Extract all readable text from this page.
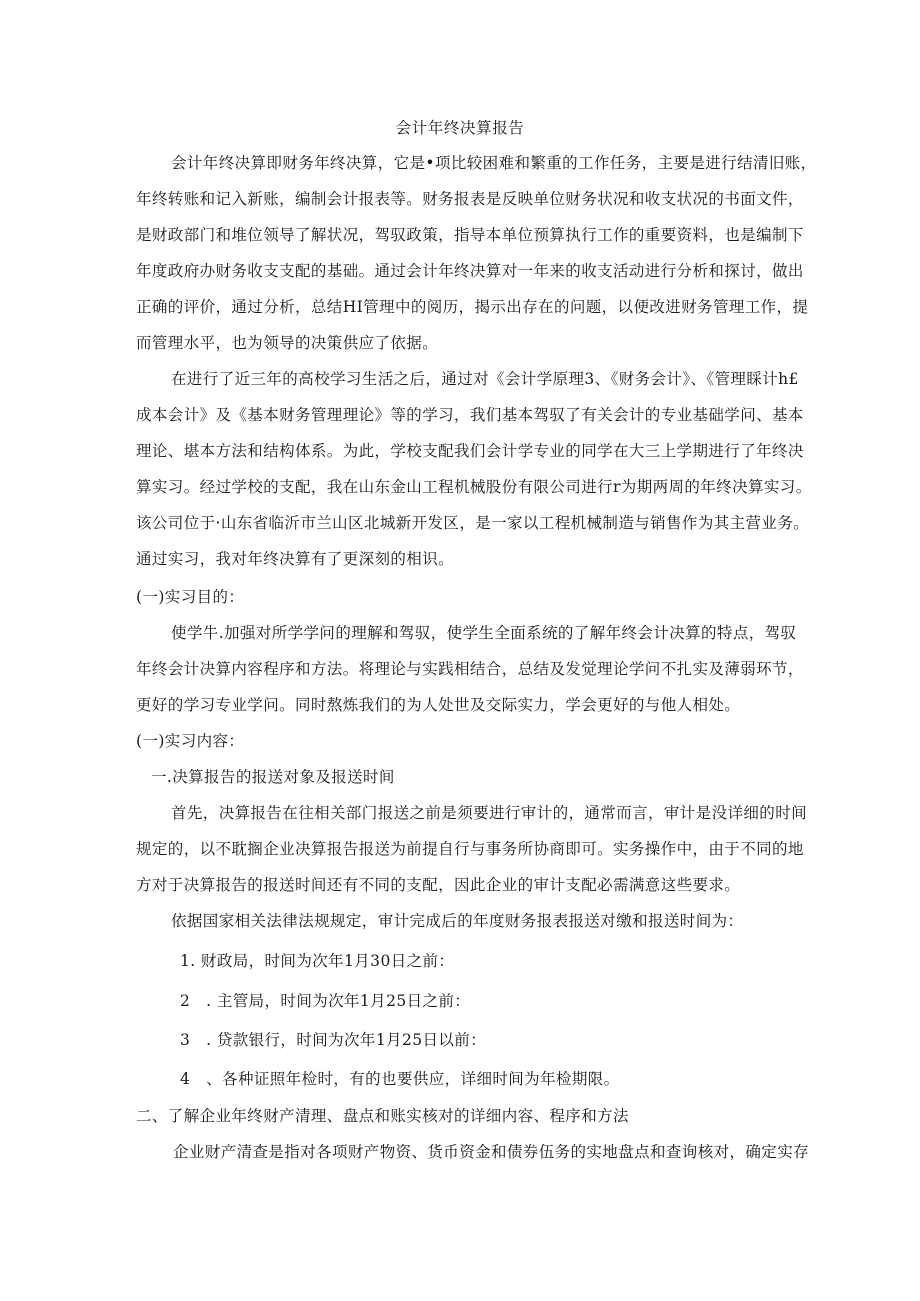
会计年终决算报告
会计年终决算即财务年终决算，它是•项比较困难和繁重的工作任务，主要是进行结清旧账，
年终转账和记入新账，编制会计报表等。财务报表是反映单位财务状况和收支状况的书面文件，
是财政部门和堆位领导了解状况，驾驭政策，指导本单位预算执行工作的重要资料，也是编制下
年度政府办财务收支支配的基础。通过会计年终决算对一年来的收支活动进行分析和探讨，做出
正确的评价，通过分析，总结HI管理中的阅历，揭示出存在的问题，以便改进财务管理工作，提
而管理水平，也为领导的决策供应了依据。
在进行了近三年的高校学习生活之后，通过对《会计学原理3、《财务会计》、《管理睬计h£
成本会计》及《基本财务管理理论》等的学习，我们基本驾驭了有关会计的专业基础学问、基本
理论、堪本方法和结构体系。为此，学校支配我们会计学专业的同学在大三上学期进行了年终决
算实习。经过学校的支配，我在山东金山工程机械股份有限公司进行r为期两周的年终决算实习。
该公司位于·山东省临沂市兰山区北城新开发区，是一家以工程机械制造与销售作为其主营业务。
通过实习，我对年终决算有了更深刻的相识。
(一)实习目的：
使学牛.加强对所学学问的理解和驾驭，使学生全面系统的了解年终会计决算的特点，驾驭
年终会计决算内容程序和方法。将理论与实践相结合，总结及发觉理论学问不扎实及薄弱环节，
更好的学习专业学问。同时熬炼我们的为人处世及交际实力，学会更好的与他人相处。
(一)实习内容：
一.决算报告的报送对象及报送时间
首先，决算报告在往相关部门报送之前是须要进行审计的，通常而言，审计是没详细的时间
规定的，以不耽搁企业决算报告报送为前提自行与事务所协商即可。实务操作中，由于不同的地
方对于决算报告的报送时间还有不同的支配，因此企业的审计支配必需满意这些要求。
依据国家相关法律法规规定，审计完成后的年度财务报表报送对缴和报送时间为：
1. 财政局，时间为次年1月30日之前：
2　. 主管局，时间为次年1月25日之前：
3　. 贷款银行，时间为次年1月25日以前：
4　、各种证照年检时，有的也要供应，详细时间为年检期限。
二、了解企业年终财产清理、盘点和账实核对的详细内容、程序和方法
企业财产清查是指对各项财产物资、货币资金和债券伍务的实地盘点和查询核对，确定实存
